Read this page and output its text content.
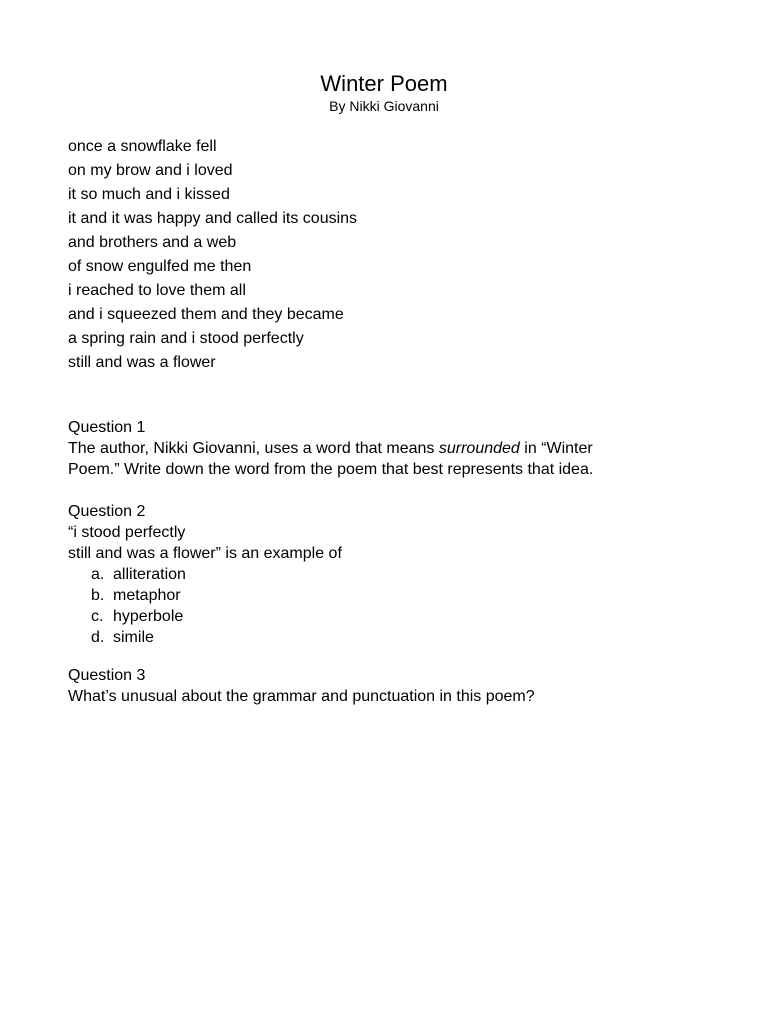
Winter Poem

By Nikki Giovanni

once a snowflake fell
on my brow and i loved
it so much and i kissed
it and it was happy and called its cousins
and brothers and a web
of snow engulfed me then
i reached to love them all
and i squeezed them and they became
a spring rain and i stood perfectly
still and was a flower
Question 1
The author, Nikki Giovanni, uses a word that means surrounded in “Winter
Poem.” Write down the word from the poem that best represents that idea.
Question 2
“i stood perfectly
still and was a flower” is an example of
a. alliteration
b. metaphor
c. hyperbole
d. simile
Question 3
What’s unusual about the grammar and punctuation in this poem?
